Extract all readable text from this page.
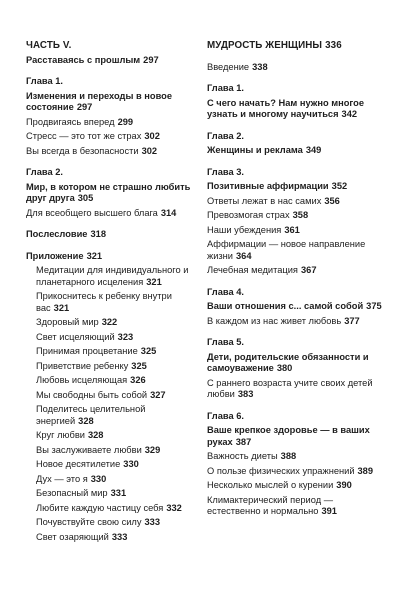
ЧАСТЬ V.
Расставаясь с прошлым 297
Глава 1.
Изменения и переходы в новое состояние 297
Продвигаясь вперед 299
Стресс — это тот же страх 302
Вы всегда в безопасности 302
Глава 2.
Мир, в котором не страшно любить друг друга 305
Для всеобщего высшего блага 314
Послесловие 318
Приложение 321
Медитации для индивидуального и планетарного исцеления 321
Прикоснитесь к ребенку внутри вас 321
Здоровый мир 322
Свет исцеляющий 323
Принимая процветание 325
Приветствие ребенку 325
Любовь исцеляющая 326
Мы свободны быть собой 327
Поделитесь целительной энергией 328
Круг любви 328
Вы заслуживаете любви 329
Новое десятилетие 330
Дух — это я 330
Безопасный мир 331
Любите каждую частицу себя 332
Почувствуйте свою силу 333
Свет озаряющий 333
МУДРОСТЬ ЖЕНЩИНЫ 336
Введение 338
Глава 1.
С чего начать? Нам нужно многое узнать и многому научиться 342
Глава 2.
Женщины и реклама 349
Глава 3.
Позитивные аффирмации 352
Ответы лежат в нас самих 356
Превозмогая страх 358
Наши убеждения 361
Аффирмации — новое направление жизни 364
Лечебная медитация 367
Глава 4.
Ваши отношения с... самой собой 375
В каждом из нас живет любовь 377
Глава 5.
Дети, родительские обязанности и самоуважение 380
С раннего возраста учите своих детей любви 383
Глава 6.
Ваше крепкое здоровье — в ваших руках 387
Важность диеты 388
О пользе физических упражнений 389
Несколько мыслей о курении 390
Климактерический период — естественно и нормально 391
